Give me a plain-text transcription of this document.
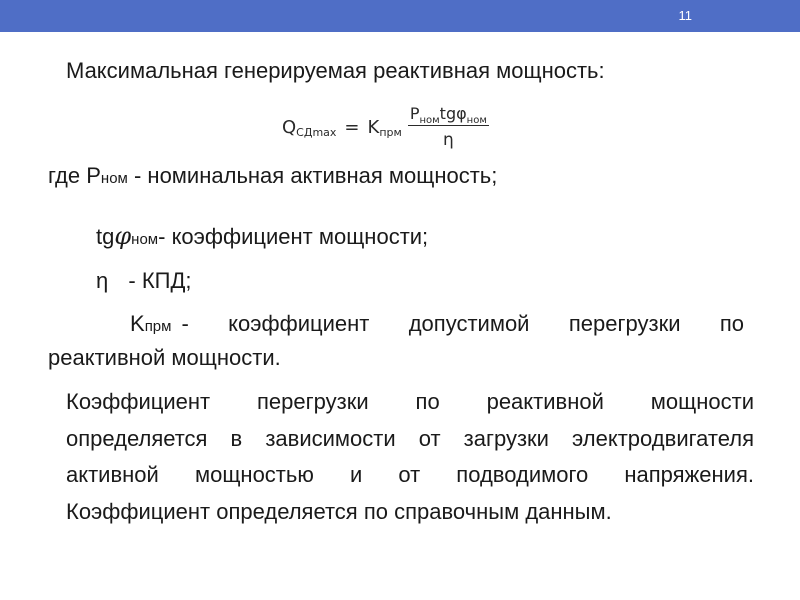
11
Максимальная генерируемая реактивная мощность:
Q СДmax = K прм $\frac{P_{ном}tg\varphi_{ном}}{\eta}$
где Pном - номинальная активная мощность;
tgφном- коэффициент мощности;
η - КПД;
K прм - коэффициент допустимой перегрузки по
реактивной мощности.
Коэффициент перегрузки по реактивной мощности
определяется в зависимости от загрузки электродвигателя
активной мощностью и от подводимого напряжения.
Коэффициент определяется по справочным данным.
